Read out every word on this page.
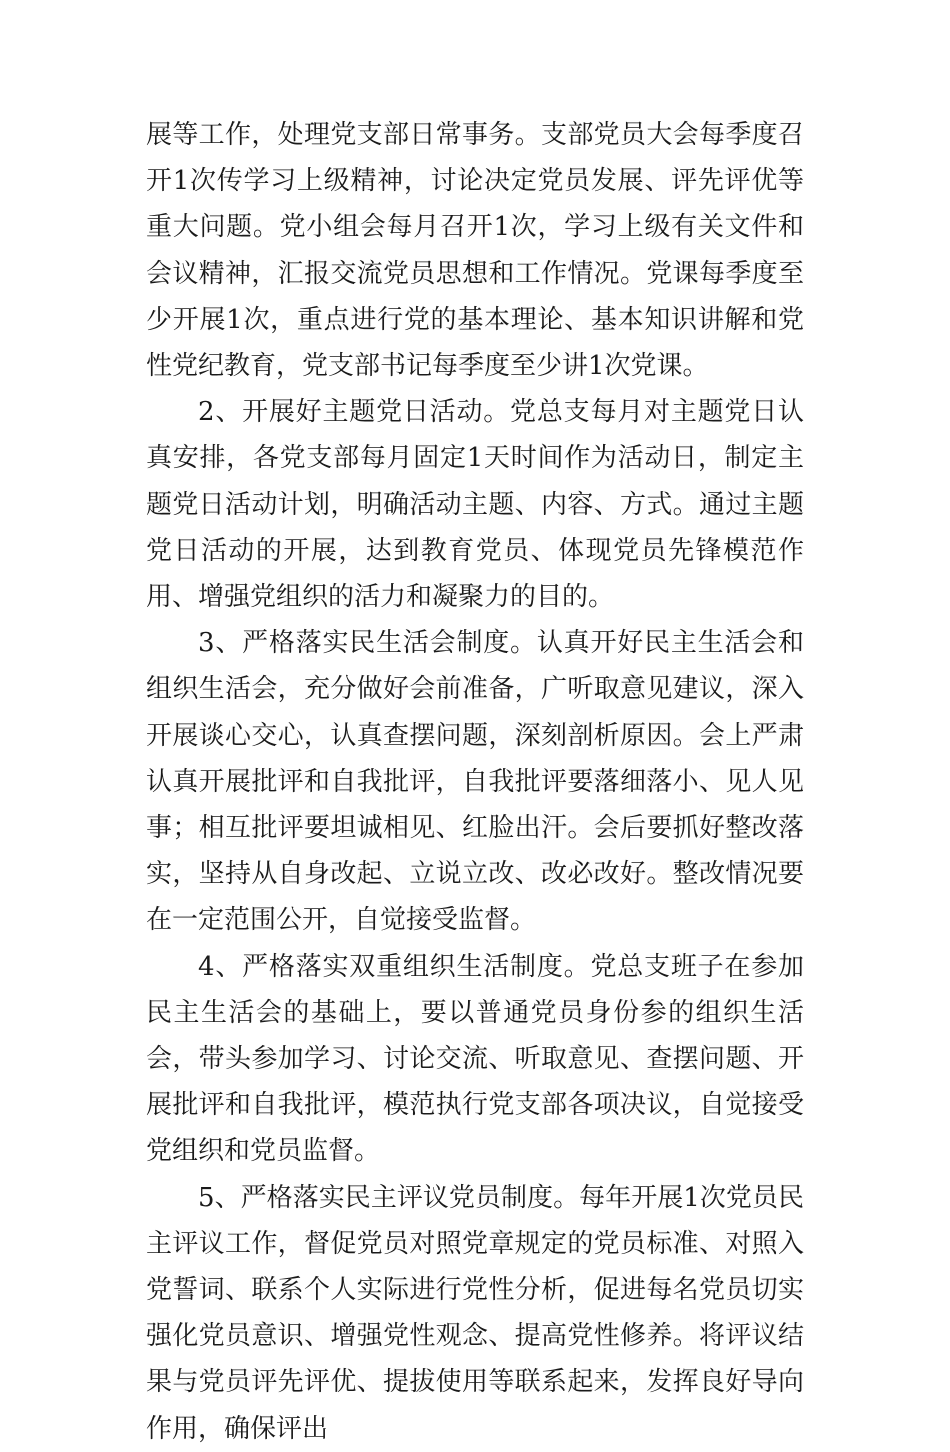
展等工作，处理党支部日常事务。支部党员大会每季度召开1次传学习上级精神，讨论决定党员发展、评先评优等重大问题。党小组会每月召开1次，学习上级有关文件和会议精神，汇报交流党员思想和工作情况。党课每季度至少开展1次，重点进行党的基本理论、基本知识讲解和党性党纪教育，党支部书记每季度至少讲1次党课。

2、开展好主题党日活动。党总支每月对主题党日认真安排，各党支部每月固定1天时间作为活动日，制定主题党日活动计划，明确活动主题、内容、方式。通过主题党日活动的开展，达到教育党员、体现党员先锋模范作用、增强党组织的活力和凝聚力的目的。

3、严格落实民生活会制度。认真开好民主生活会和组织生活会，充分做好会前准备，广听取意见建议，深入开展谈心交心，认真查摆问题，深刻剖析原因。会上严肃认真开展批评和自我批评，自我批评要落细落小、见人见事；相互批评要坦诚相见、红脸出汗。会后要抓好整改落实，坚持从自身改起、立说立改、改必改好。整改情况要在一定范围公开，自觉接受监督。

4、严格落实双重组织生活制度。党总支班子在参加民主生活会的基础上，要以普通党员身份参的组织生活会，带头参加学习、讨论交流、听取意见、查摆问题、开展批评和自我批评，模范执行党支部各项决议，自觉接受党组织和党员监督。

5、严格落实民主评议党员制度。每年开展1次党员民主评议工作，督促党员对照党章规定的党员标准、对照入党誓词、联系个人实际进行党性分析，促进每名党员切实强化党员意识、增强党性观念、提高党性修养。将评议结果与党员评先评优、提拔使用等联系起来，发挥良好导向作用，确保评出
